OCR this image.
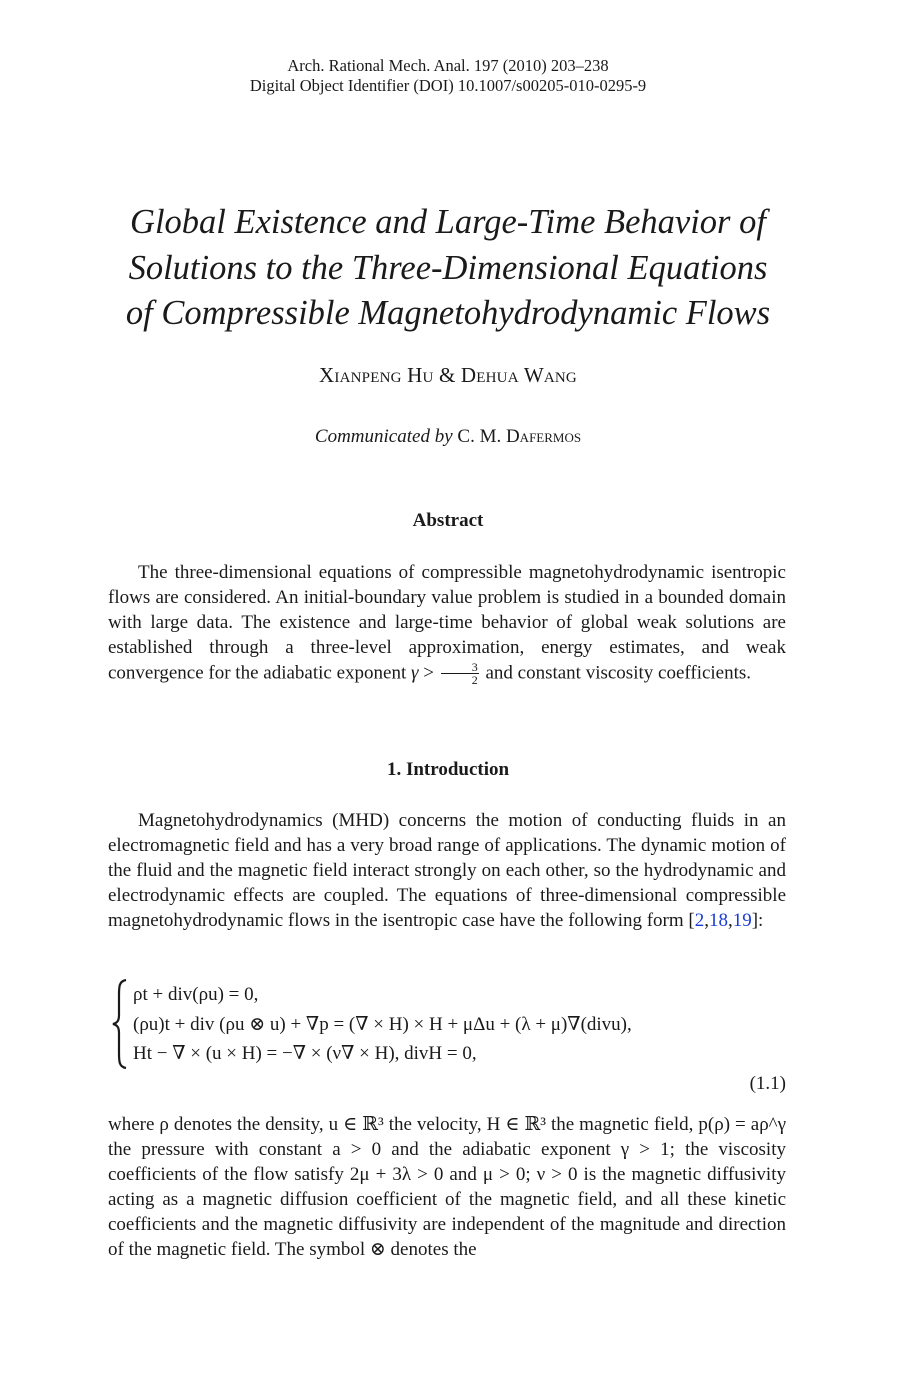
Arch. Rational Mech. Anal. 197 (2010) 203–238
Digital Object Identifier (DOI) 10.1007/s00205-010-0295-9
Global Existence and Large-Time Behavior of
Solutions to the Three-Dimensional Equations
of Compressible Magnetohydrodynamic Flows
Xianpeng Hu & Dehua Wang
Communicated by C. M. Dafermos
Abstract
The three-dimensional equations of compressible magnetohydrodynamic isentropic flows are considered. An initial-boundary value problem is studied in a bounded domain with large data. The existence and large-time behavior of global weak solutions are established through a three-level approximation, energy estimates, and weak convergence for the adiabatic exponent $\gamma > \frac{3}{2}$ and constant viscosity coefficients.
1. Introduction
Magnetohydrodynamics (MHD) concerns the motion of conducting fluids in an electromagnetic field and has a very broad range of applications. The dynamic motion of the fluid and the magnetic field interact strongly on each other, so the hydrodynamic and electrodynamic effects are coupled. The equations of three-dimensional compressible magnetohydrodynamic flows in the isentropic case have the following form [2,18,19]:
ρt + div(ρu) = 0,
(ρu)t + div (ρu ⊗ u) + ∇p = (∇ × H) × H + μΔu + (λ + μ)∇(divu),
Ht − ∇ × (u × H) = −∇ × (ν∇ × H), divH = 0,
(1.1)
where ρ denotes the density, u ∈ ℝ³ the velocity, H ∈ ℝ³ the magnetic field, p(ρ) = aρ^γ the pressure with constant a > 0 and the adiabatic exponent γ > 1; the viscosity coefficients of the flow satisfy 2μ + 3λ > 0 and μ > 0; ν > 0 is the magnetic diffusivity acting as a magnetic diffusion coefficient of the magnetic field, and all these kinetic coefficients and the magnetic diffusivity are independent of the magnitude and direction of the magnetic field. The symbol ⊗ denotes the
